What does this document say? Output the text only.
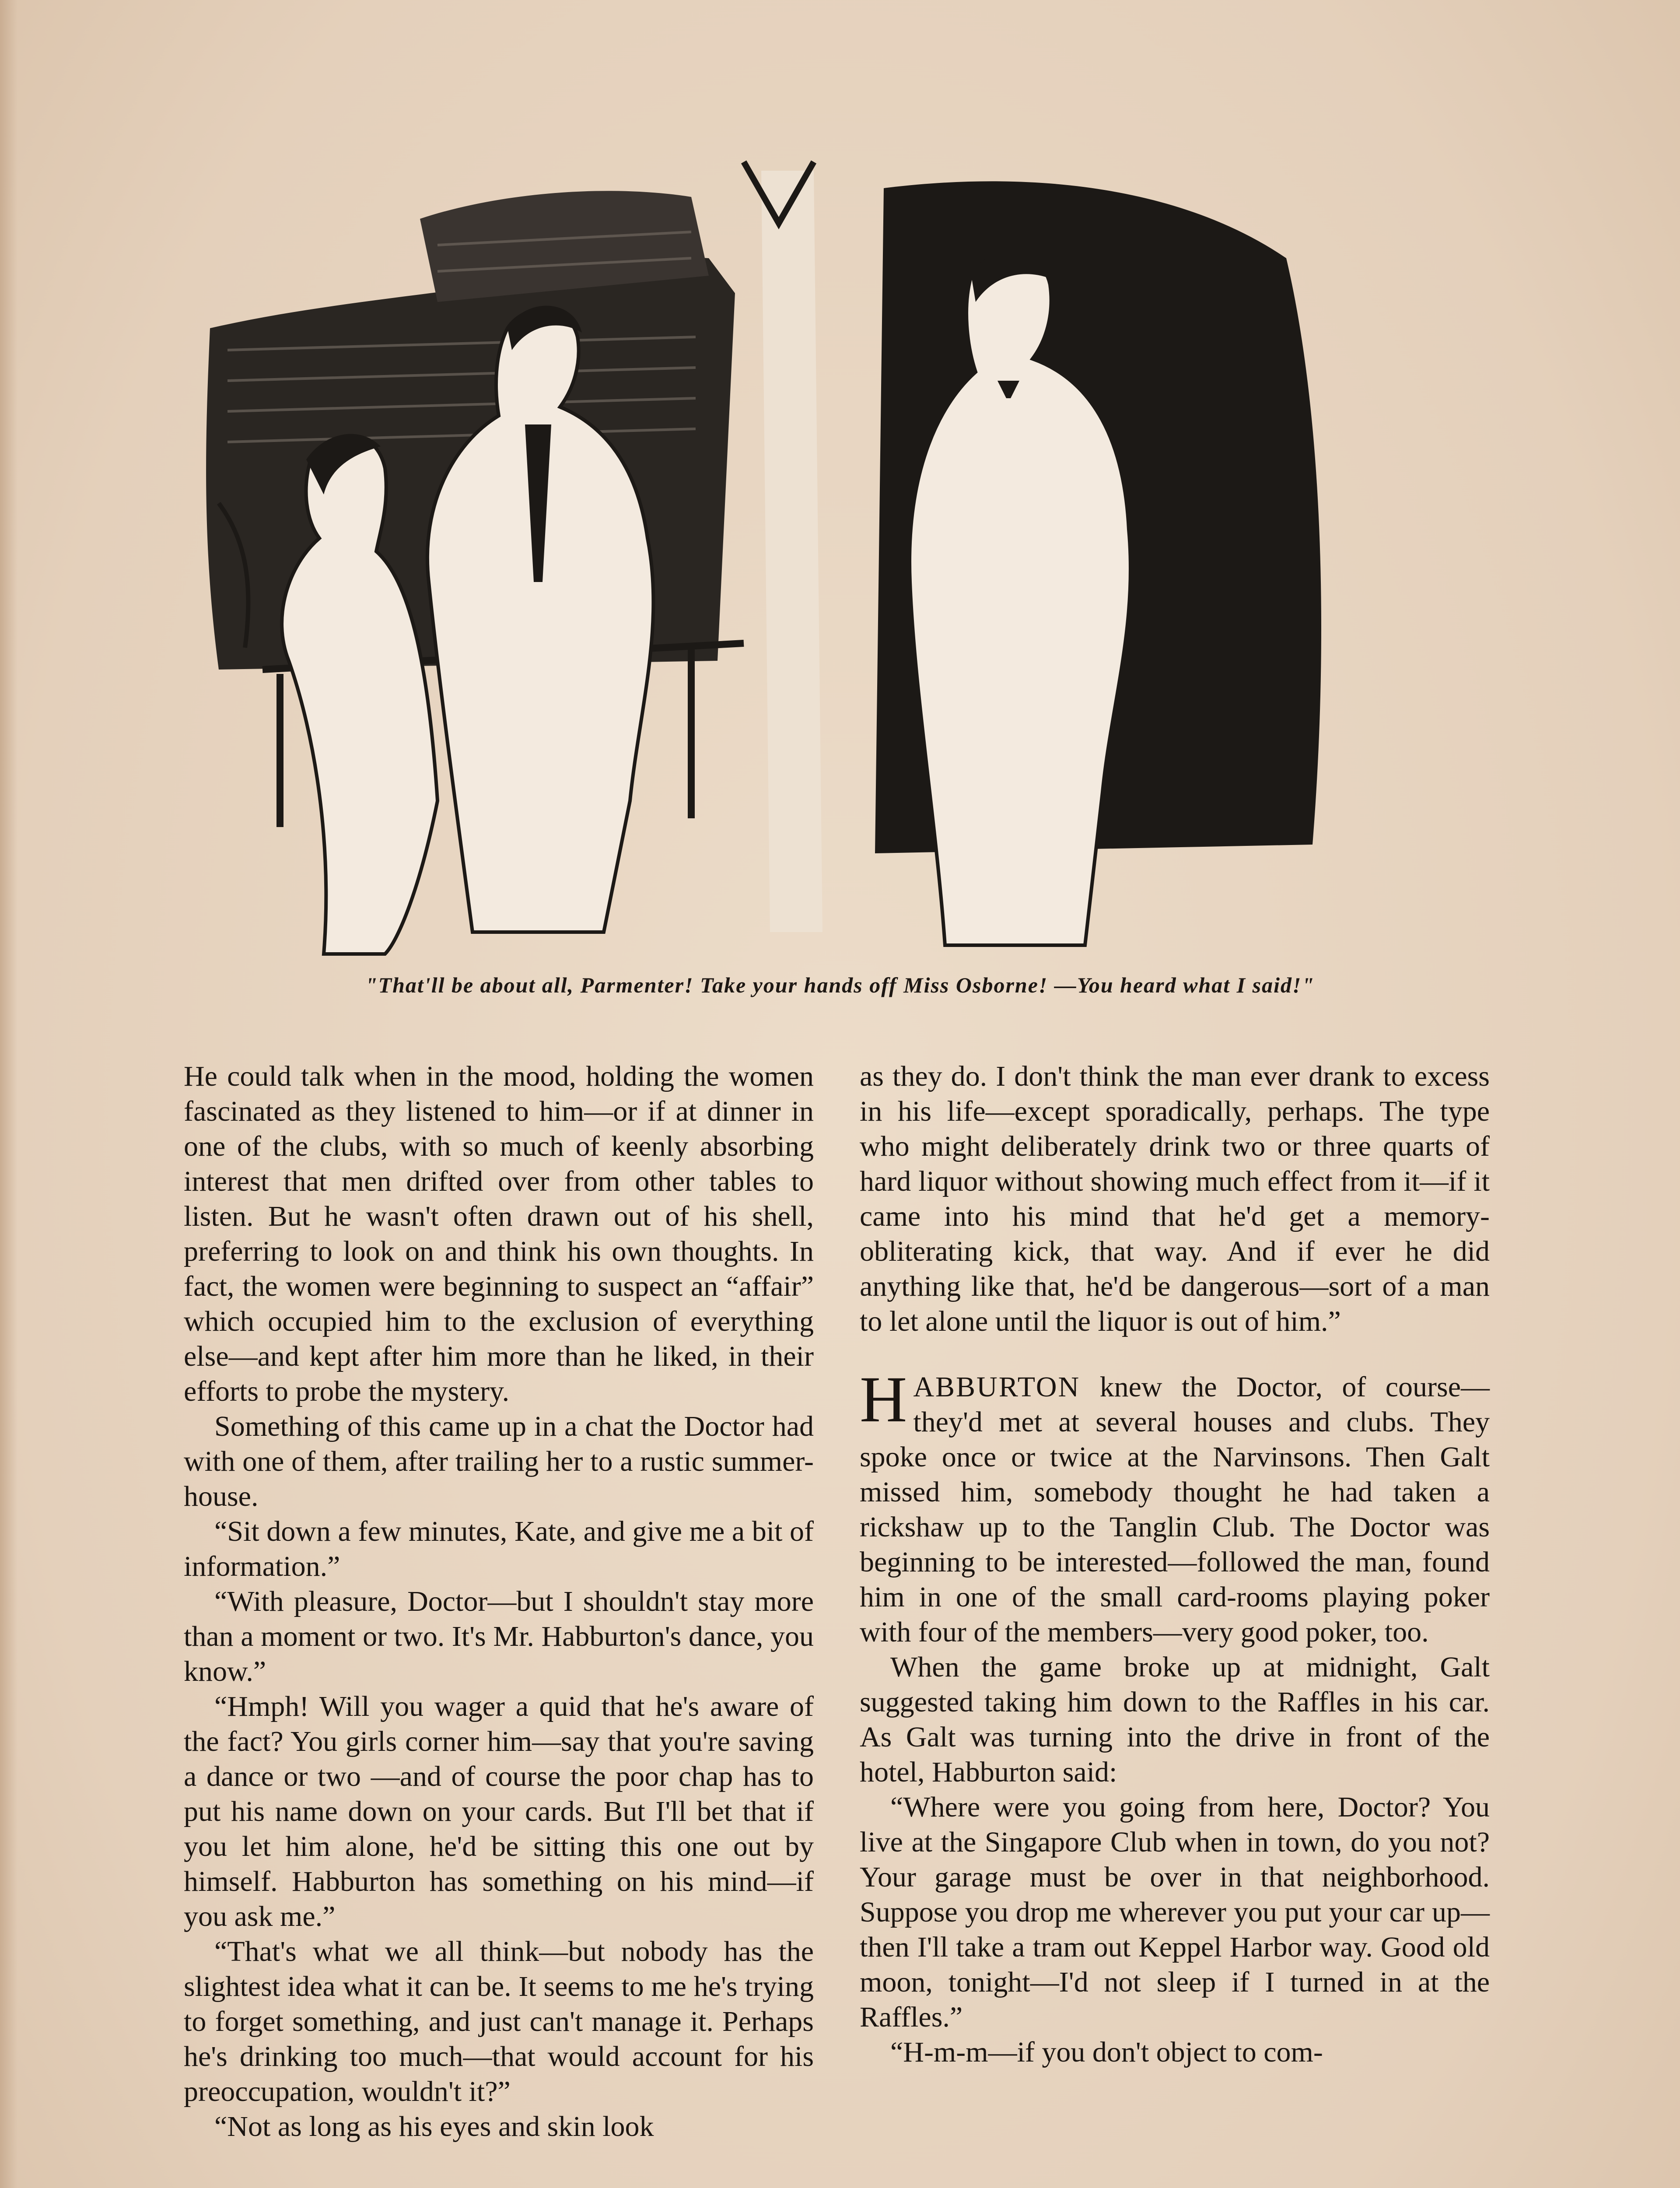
"That'll be about all, Parmenter! Take your hands off Miss Osborne! —You heard what I said!"

He could talk when in the mood, holding the women fascinated as they listened to him—or if at dinner in one of the clubs, with so much of keenly absorbing interest that men drifted over from other tables to listen. But he wasn't often drawn out of his shell, preferring to look on and think his own thoughts. In fact, the women were beginning to suspect an “affair” which occupied him to the exclusion of everything else—and kept after him more than he liked, in their efforts to probe the mystery.

Something of this came up in a chat the Doctor had with one of them, after trailing her to a rustic summer-house.

“Sit down a few minutes, Kate, and give me a bit of information.”

“With pleasure, Doctor—but I shouldn't stay more than a moment or two. It's Mr. Habburton's dance, you know.”

“Hmph! Will you wager a quid that he's aware of the fact? You girls corner him—say that you're saving a dance or two —and of course the poor chap has to put his name down on your cards. But I'll bet that if you let him alone, he'd be sitting this one out by himself. Habburton has something on his mind—if you ask me.”

“That's what we all think—but nobody has the slightest idea what it can be. It seems to me he's trying to forget something, and just can't manage it. Perhaps he's drinking too much—that would account for his preoccupation, wouldn't it?”

“Not as long as his eyes and skin look

as they do. I don't think the man ever drank to excess in his life—except sporadically, perhaps. The type who might deliberately drink two or three quarts of hard liquor without showing much effect from it—if it came into his mind that he'd get a memory-obliterating kick, that way. And if ever he did anything like that, he'd be dangerous—sort of a man to let alone until the liquor is out of him.”

HABBURTON knew the Doctor, of course—they'd met at several houses and clubs. They spoke once or twice at the Narvinsons. Then Galt missed him, somebody thought he had taken a rickshaw up to the Tanglin Club. The Doctor was beginning to be interested—followed the man, found him in one of the small card-rooms playing poker with four of the members—very good poker, too.

When the game broke up at midnight, Galt suggested taking him down to the Raffles in his car. As Galt was turning into the drive in front of the hotel, Habburton said:

“Where were you going from here, Doctor? You live at the Singapore Club when in town, do you not? Your garage must be over in that neighborhood. Suppose you drop me wherever you put your car up—then I'll take a tram out Keppel Harbor way. Good old moon, tonight—I'd not sleep if I turned in at the Raffles.”

“H-m-m—if you don't object to com-
